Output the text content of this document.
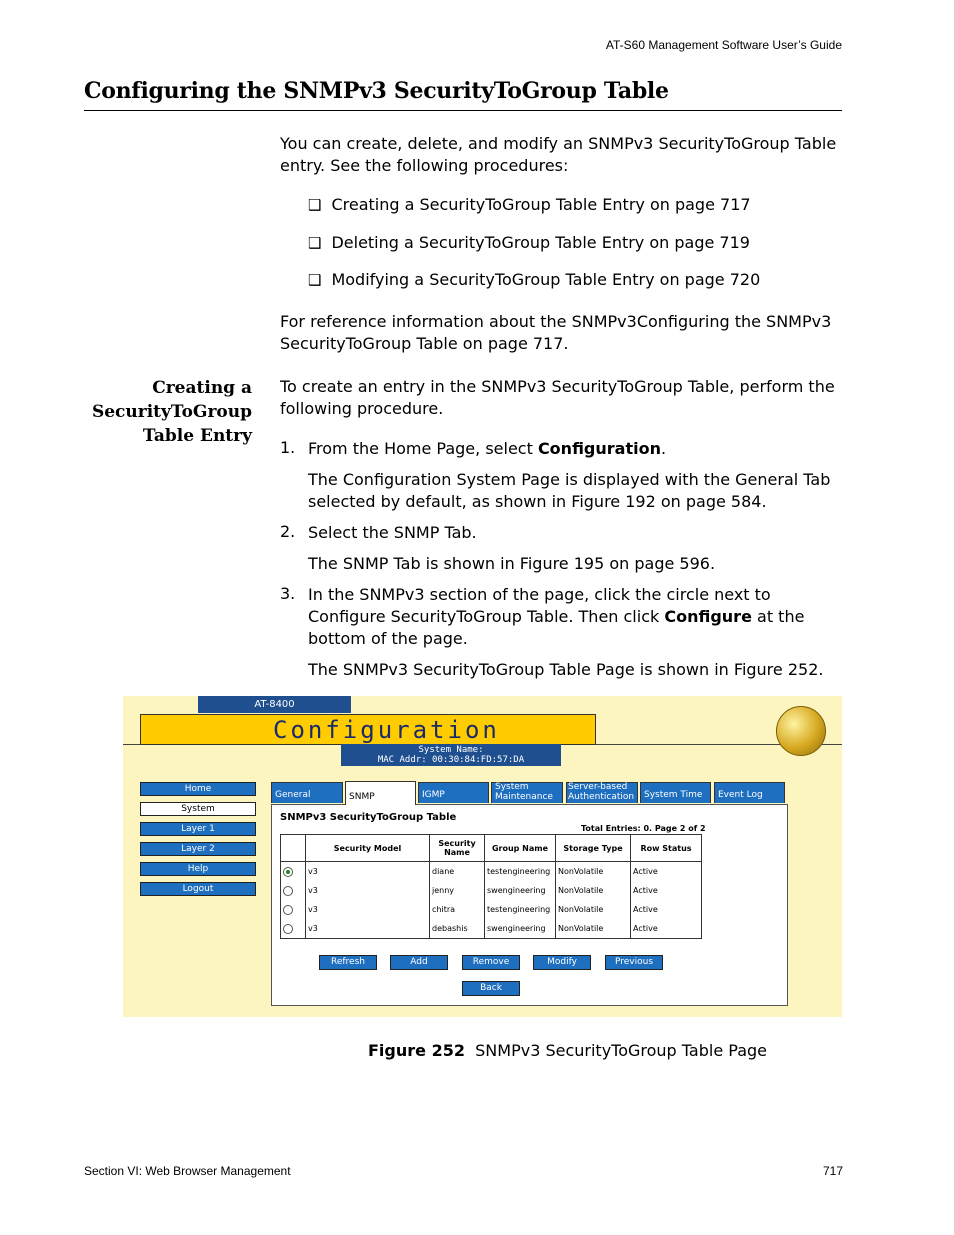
AT-S60 Management Software User’s Guide
Configuring the SNMPv3 SecurityToGroup Table
You can create, delete, and modify an SNMPv3 SecurityToGroup Table entry. See the following procedures:
❑ Creating a SecurityToGroup Table Entry on page 717
❑ Deleting a SecurityToGroup Table Entry on page 719
❑ Modifying a SecurityToGroup Table Entry on page 720
For reference information about the SNMPv3Configuring the SNMPv3 SecurityToGroup Table on page 717.
Creating a
SecurityToGroup
Table Entry
To create an entry in the SNMPv3 SecurityToGroup Table, perform the following procedure.
1. From the Home Page, select Configuration.
The Configuration System Page is displayed with the General Tab selected by default, as shown in Figure 192 on page 584.
2. Select the SNMP Tab.
The SNMP Tab is shown in Figure 195 on page 596.
3. In the SNMPv3 section of the page, click the circle next to Configure SecurityToGroup Table. Then click Configure at the bottom of the page.
The SNMPv3 SecurityToGroup Table Page is shown in Figure 252.
AT-8400
Configuration
System Name:
MAC Addr: 00:30:84:FD:57:DA
Home
System
Layer 1
Layer 2
Help
Logout
General	SNMP	IGMP
System Maintenance
Server-based Authentication	System Time Event Log
SNMPv3 SecurityToGroup Table
Total Entries: 0. Page 2 of 2
	Security Model	Security Name	Group Name	Storage Type	Row Status
	v3	diane	testengineering	NonVolatile	Active
	v3	jenny	swengineering	NonVolatile	Active
	v3	chitra	testengineering	NonVolatile	Active
	v3	debashis	swengineering	NonVolatile	Active
Refresh	Add	Remove	Modify	Previous
Back
Figure 252 SNMPv3 SecurityToGroup Table Page
Section VI: Web Browser Management	717
